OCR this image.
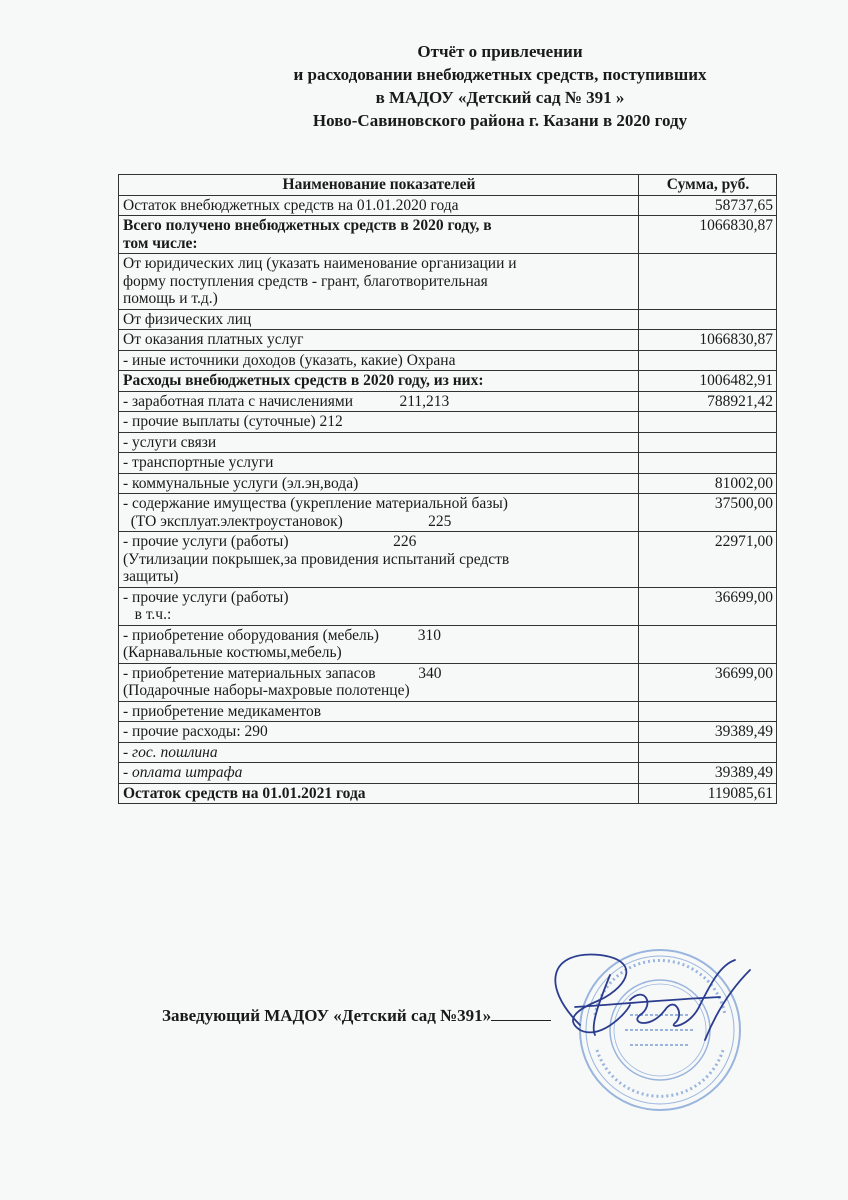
Отчёт о привлечении
и расходовании внебюджетных средств, поступивших
в МАДОУ «Детский сад № 391 »
Ново-Савиновского района г. Казани в 2020 году
Наименование показателей	Сумма, руб.

Остаток внебюджетных средств на 01.01.2020 года	58737,65

Всего получено внебюджетных средств в 2020 году, в
том числе:	1066830,87

От юридических лиц (указать наименование организации и
форму поступления средств - грант, благотворительная
помощь и т.д.)	

От физических лиц	

От оказания платных услуг	1066830,87

- иные источники доходов (указать, какие) Охрана	

Расходы внебюджетных средств в 2020 году, из них:	1006482,91

- заработная плата с начислениями            211,213	788921,42

- прочие выплаты (суточные) 212	

- услуги связи	

- транспортные услуги	

- коммунальные услуги (эл.эн,вода)	81002,00

- содержание имущества (укрепление материальной базы)
(ТО эксплуат.электроустановок)                      225	37500,00

- прочие услуги (работы)                           226
(Утилизации покрышек,за провидения испытаний средств
защиты)	22971,00

- прочие услуги (работы)
в т.ч.:	36699,00

- приобретение оборудования (мебель)          310
(Карнавальные костюмы,мебель)	

- приобретение материальных запасов           340
(Подарочные наборы-махровые полотенце)	36699,00

- приобретение медикаментов	

- прочие расходы: 290	39389,49

- гос. пошлина	

- оплата штрафа	39389,49

Остаток средств на 01.01.2021 года	119085,61
Заведующий МАДОУ «Детский сад №391»
